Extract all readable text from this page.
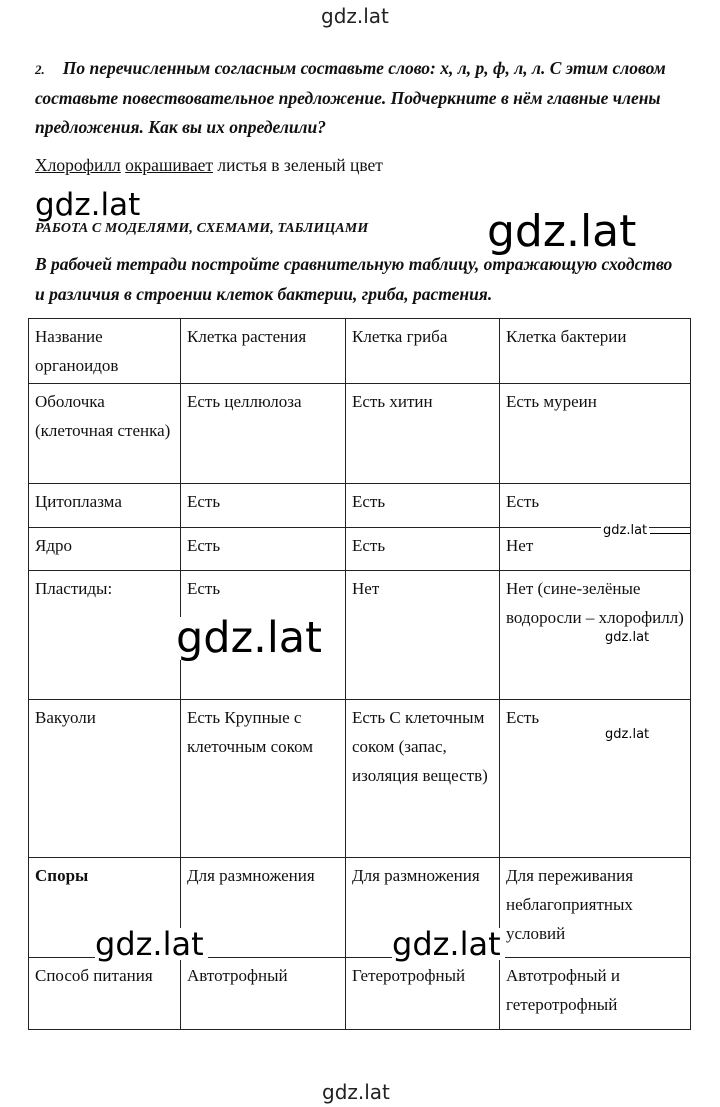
gdz.lat
2. По перечисленным согласным составьте слово: х, л, р, ф, л, л. С этим словом составьте повествовательное предложение. Подчеркните в нём главные члены предложения. Как вы их определили?
Хлорофилл окрашивает листья в зеленый цвет
РАБОТА С МОДЕЛЯМИ, СХЕМАМИ, ТАБЛИЦАМИ
В рабочей тетради постройте сравнительную таблицу, отражающую сходство и различия в строении клеток бактерии, гриба, растения.
Название органоидов	Клетка растения	Клетка гриба	Клетка бактерии
Оболочка (клеточная стенка)	Есть целлюлоза	Есть хитин	Есть муреин
Цитоплазма	Есть	Есть	Есть
Ядро	Есть	Есть	Нет
Пластиды:	Есть	Нет	Нет (сине-зелёные водоросли – хлорофилл)
Вакуоли	Есть Крупные с клеточным соком	Есть С клеточным соком (запас, изоляция веществ)	Есть
Споры	Для размножения	Для размножения	Для переживания неблагоприятных условий
Способ питания	Автотрофный	Гетеротрофный	Автотрофный и гетеротрофный
gdz.lat
gdz.lat
gdz.lat
gdz.lat	gdz.lat
gdz.lat
gdz.lat
gdz.lat
gdz.lat
